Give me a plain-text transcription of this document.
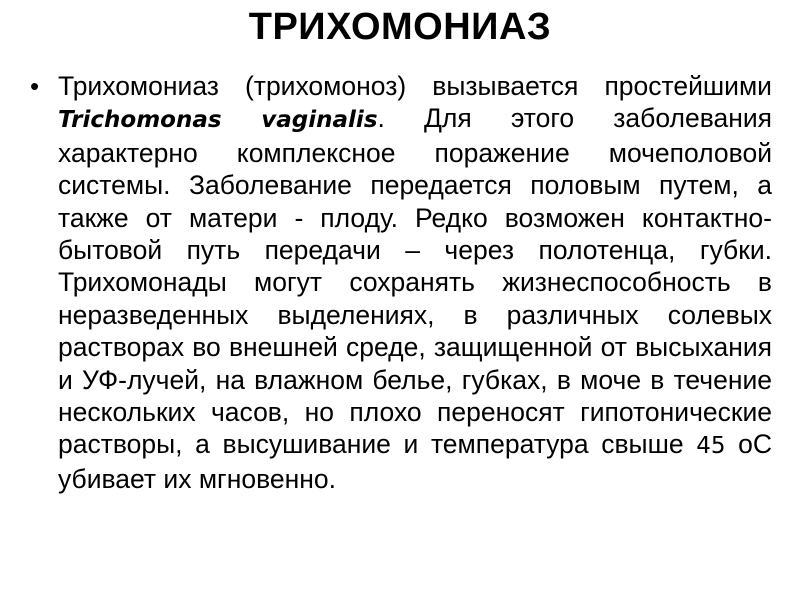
ТРИХОМОНИАЗ
• Трихомониаз (трихомоноз) вызывается простейшими Trichomonas vaginalis. Для этого заболевания характерно комплексное поражение мочеполовой системы. Заболевание передается половым путем, а также от матери - плоду. Редко возможен контактно-бытовой путь передачи – через полотенца, губки. Трихомонады могут сохранять жизнеспособность в неразведенных выделениях, в различных солевых растворах во внешней среде, защищенной от высыхания и УФ-лучей, на влажном белье, губках, в моче в течение нескольких часов, но плохо переносят гипотонические растворы, а высушивание и температура свыше 45 оС убивает их мгновенно.
